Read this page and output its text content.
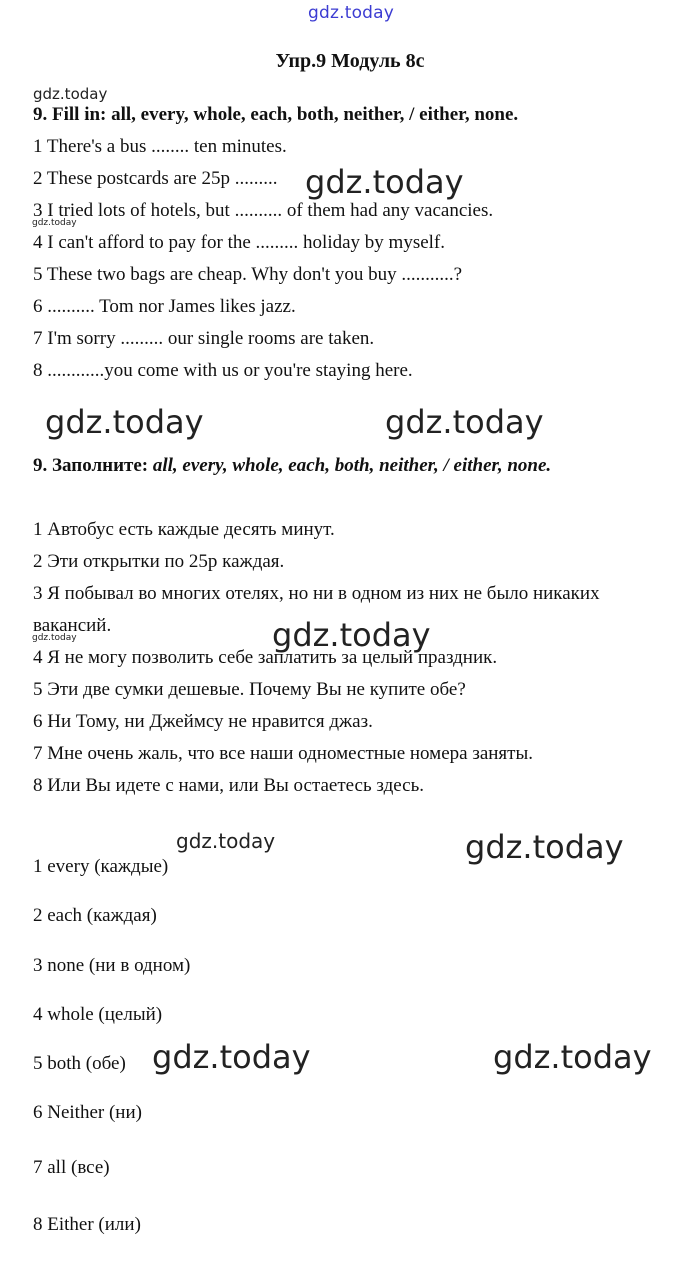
gdz.today
Упр.9 Модуль 8c
gdz.today
gdz.today
gdz.today
gdz.today	gdz.today
gdz.today	gdz.today
gdz.today	gdz.today
gdz.today	gdz.today
9. Fill in: all, every, whole, each, both, neither, / either, none.
1 There's a bus ........ ten minutes.
2 These postcards are 25p .........
3 I tried lots of hotels, but .......... of them had any vacancies.
4 I can't afford to pay for the ......... holiday by myself.
5 These two bags are cheap. Why don't you buy ...........?
6 .......... Tom nor James likes jazz.
7 I'm sorry ......... our single rooms are taken.
8 ............you come with us or you're staying here.
9. Заполните: all, every, whole, each, both, neither, / either, none.
1 Автобус есть каждые десять минут.
2 Эти открытки по 25р каждая.
3 Я побывал во многих отелях, но ни в одном из них не было никаких
вакансий.
4 Я не могу позволить себе заплатить за целый праздник.
5 Эти две сумки дешевые. Почему Вы не купите обе?
6 Ни Тому, ни Джеймсу не нравится джаз.
7 Мне очень жаль, что все наши одноместные номера заняты.
8 Или Вы идете с нами, или Вы остаетесь здесь.
1 every (каждые)
2 each (каждая)
3 none (ни в одном)
4 whole (целый)
5 both (обе)
6 Neither (ни)
7 all (все)
8 Either (или)
